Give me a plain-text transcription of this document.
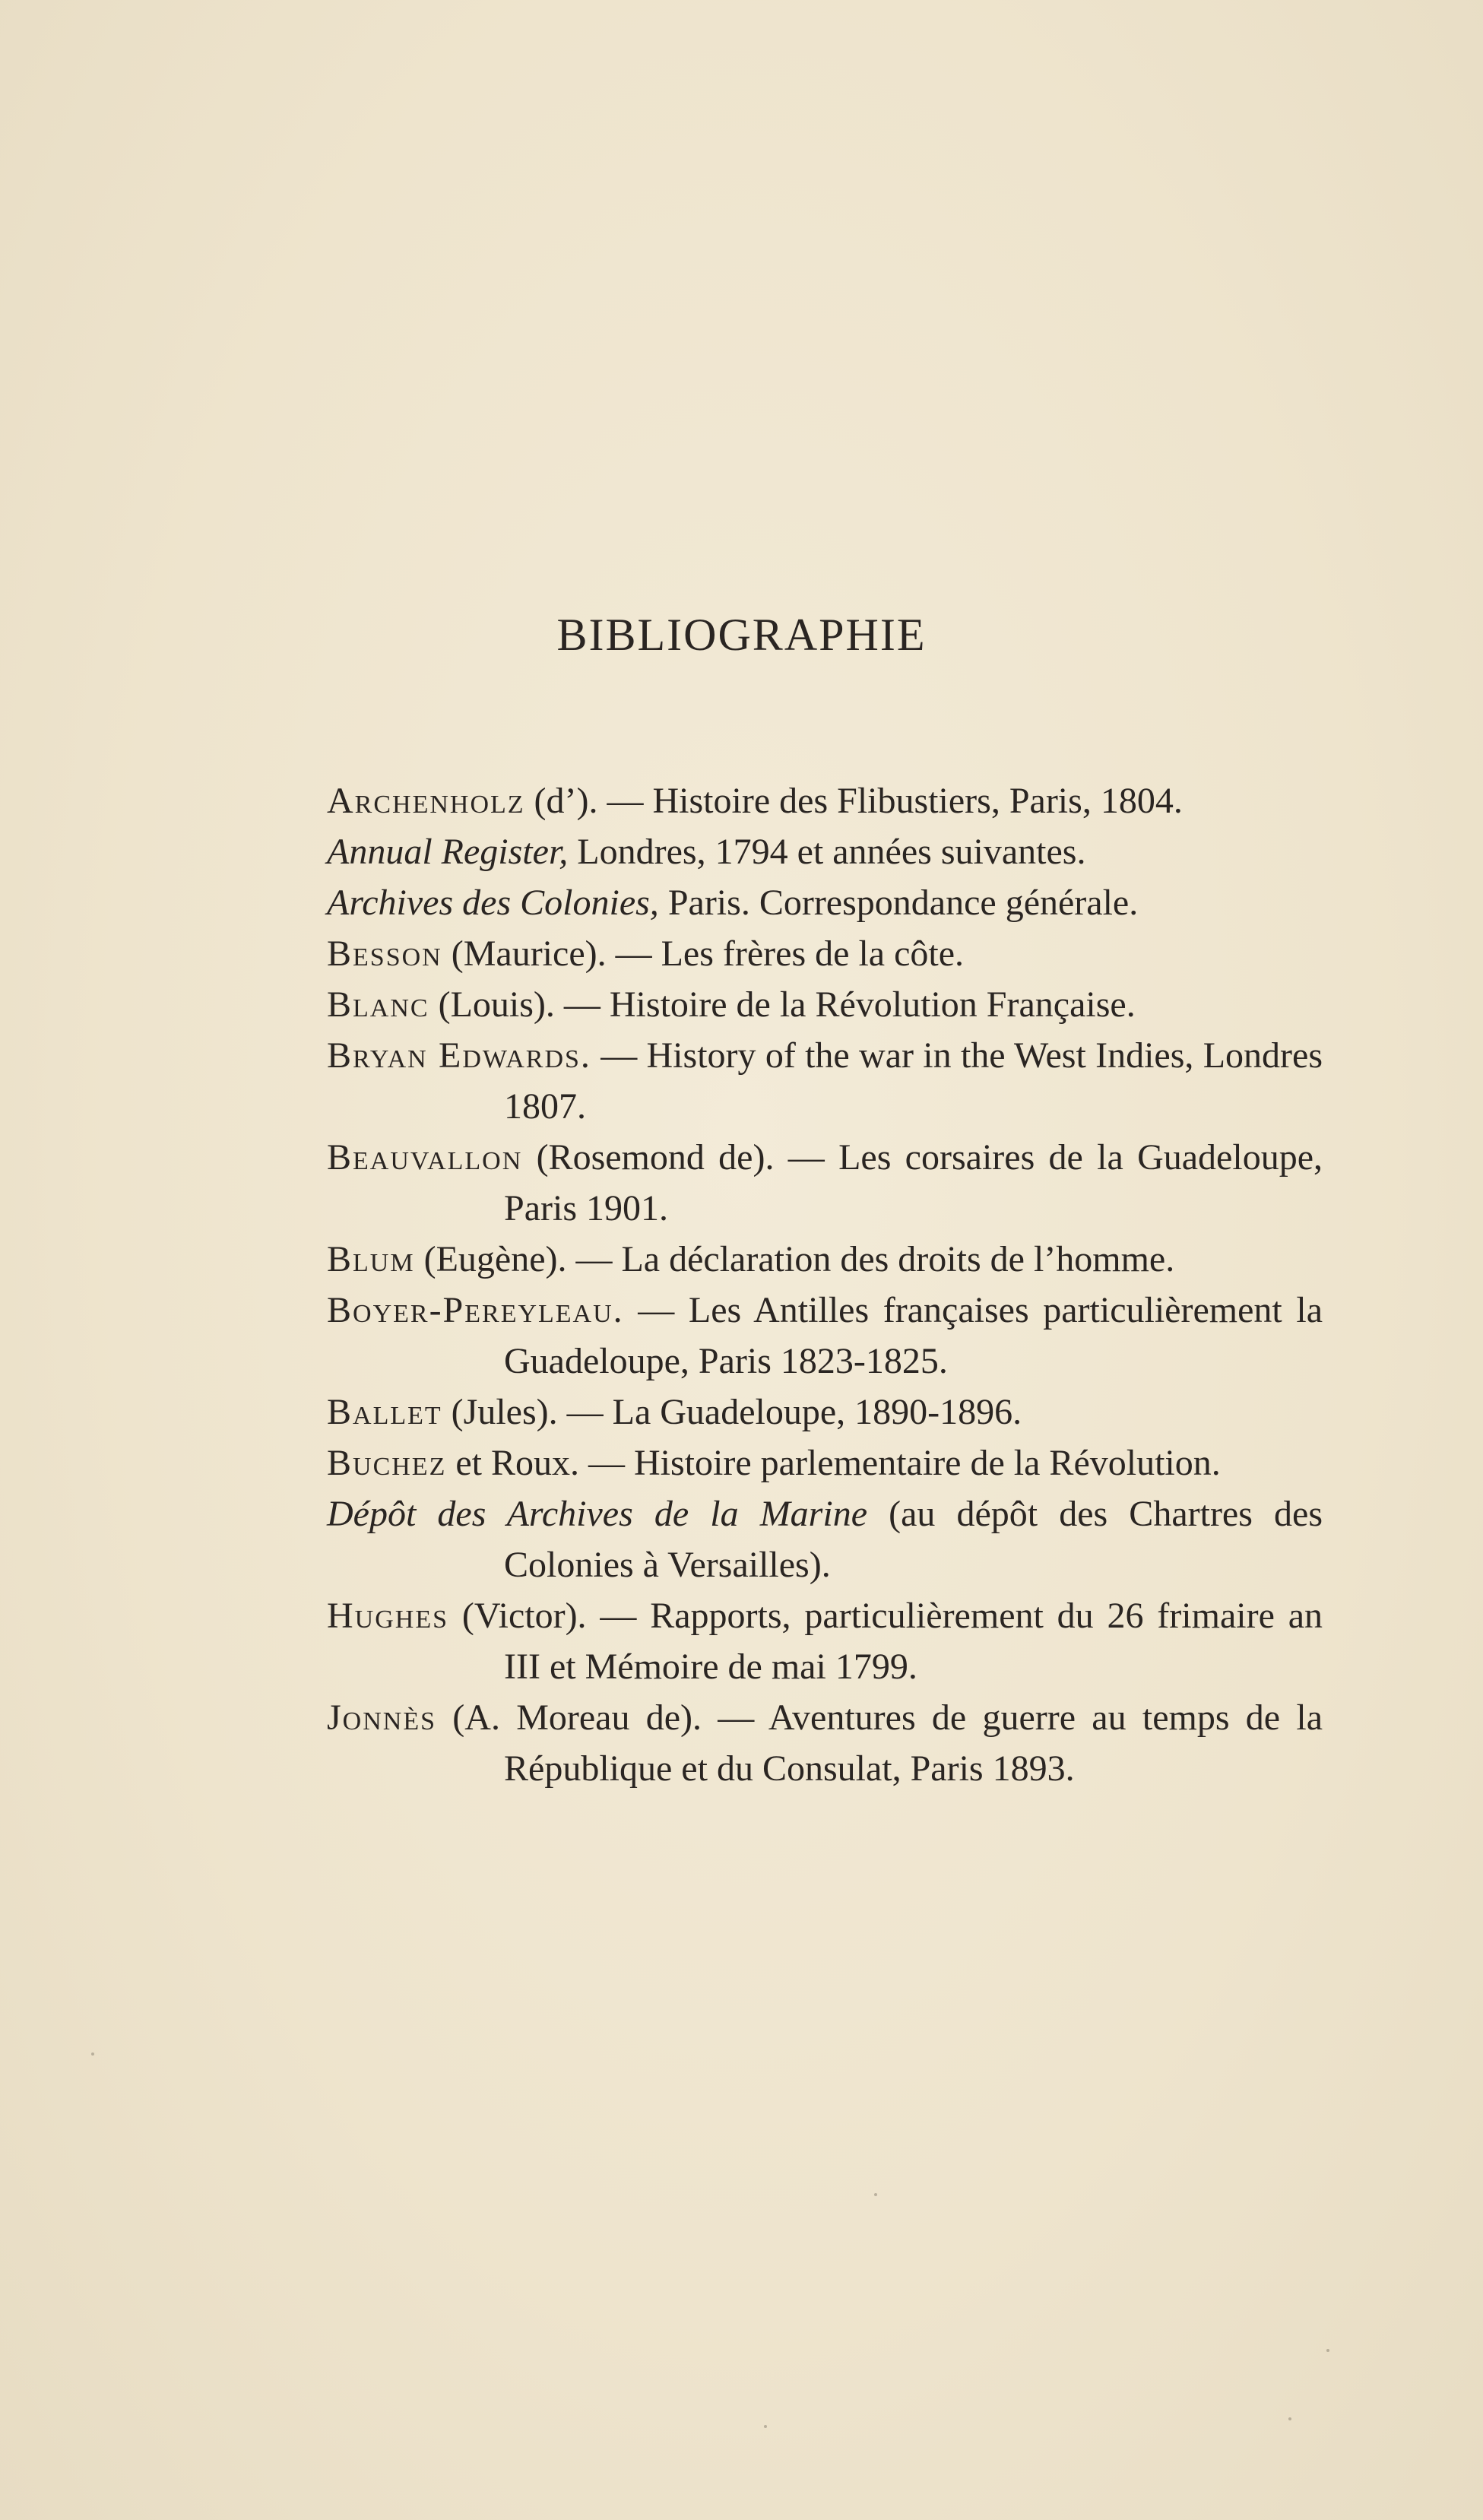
BIBLIOGRAPHIE
Archenholz (d’). — Histoire des Flibustiers, Paris, 1804.
Annual Register, Londres, 1794 et années suivantes.
Archives des Colonies, Paris. Correspondance générale.
Besson (Maurice). — Les frères de la côte.
Blanc (Louis). — Histoire de la Révolution Française.
Bryan Edwards. — History of the war in the West Indies, Londres 1807.
Beauvallon (Rosemond de). — Les corsaires de la Guadeloupe, Paris 1901.
Blum (Eugène). — La déclaration des droits de l’homme.
Boyer-Pereyleau. — Les Antilles françaises particulièrement la Guadeloupe, Paris 1823-1825.
Ballet (Jules). — La Guadeloupe, 1890-1896.
Buchez et Roux. — Histoire parlementaire de la Révolution.
Dépôt des Archives de la Marine (au dépôt des Chartres des Colonies à Versailles).
Hughes (Victor). — Rapports, particulièrement du 26 frimaire an III et Mémoire de mai 1799.
Jonnès (A. Moreau de). — Aventures de guerre au temps de la République et du Consulat, Paris 1893.
